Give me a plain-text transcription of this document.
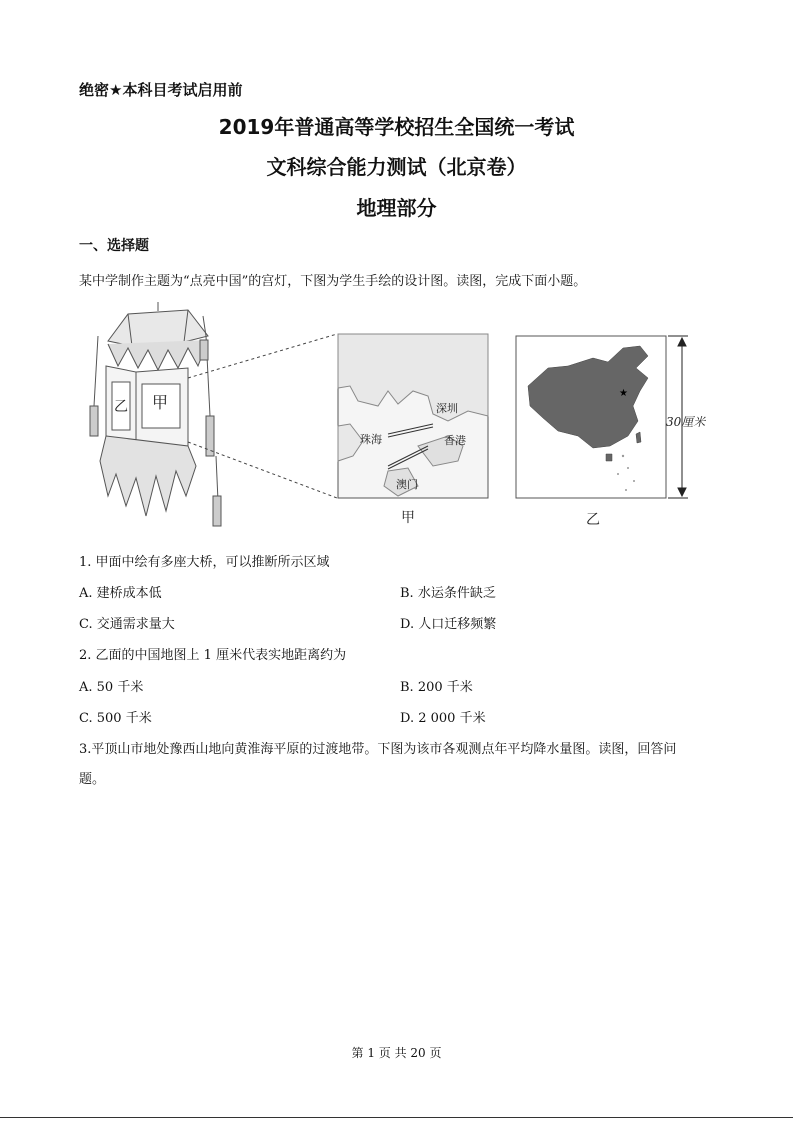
绝密★本科目考试启用前
2019年普通高等学校招生全国统一考试
文科综合能力测试（北京卷）
地理部分
一、选择题
某中学制作主题为“点亮中国”的宫灯，下图为学生手绘的设计图。读图，完成下面小题。
乙 甲	深圳
珠海	香港
澳门
★
30厘米
甲	乙
1. 甲面中绘有多座大桥，可以推断所示区域
A. 建桥成本低	B. 水运条件缺乏
C. 交通需求量大	D. 人口迁移频繁
2. 乙面的中国地图上 1 厘米代表实地距离约为
A. 50 千米	B. 200 千米
C. 500 千米	D. 2 000 千米
3.平顶山市地处豫西山地向黄淮海平原的过渡地带。下图为该市各观测点年平均降水量图。读图，回答问
题。
第 1 页 共 20 页
